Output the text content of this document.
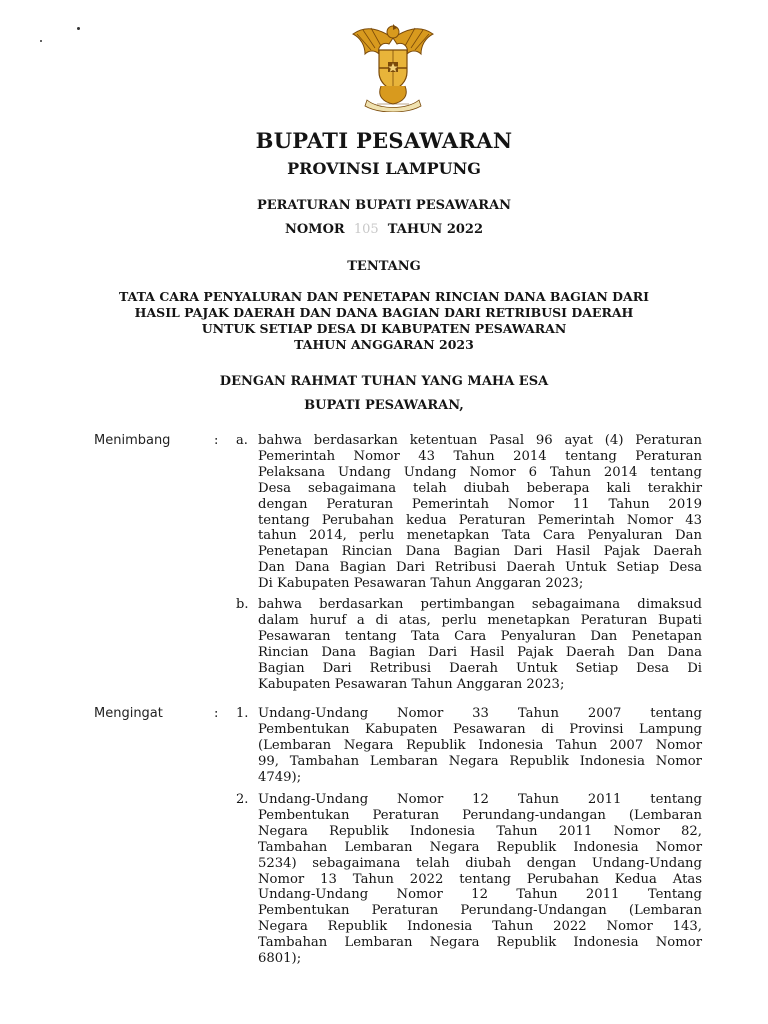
BUPATI PESAWARAN
PROVINSI LAMPUNG
PERATURAN BUPATI PESAWARAN
NOMOR 105 TAHUN 2022
TENTANG
TATA CARA PENYALURAN DAN PENETAPAN RINCIAN DANA BAGIAN DARI
HASIL PAJAK DAERAH DAN DANA BAGIAN DARI RETRIBUSI DAERAH
UNTUK SETIAP DESA DI KABUPATEN PESAWARAN
TAHUN ANGGARAN 2023
DENGAN RAHMAT TUHAN YANG MAHA ESA
BUPATI PESAWARAN,
Menimbang	: a. bahwa berdasarkan ketentuan Pasal 96 ayat (4) Peraturan
Pemerintah Nomor 43 Tahun 2014 tentang Peraturan
Pelaksana Undang Undang Nomor 6 Tahun 2014 tentang
Desa sebagaimana telah diubah beberapa kali terakhir
dengan Peraturan Pemerintah Nomor 11 Tahun 2019
tentang Perubahan kedua Peraturan Pemerintah Nomor 43
tahun 2014, perlu menetapkan Tata Cara Penyaluran Dan
Penetapan Rincian Dana Bagian Dari Hasil Pajak Daerah
Dan Dana Bagian Dari Retribusi Daerah Untuk Setiap Desa
Di Kabupaten Pesawaran Tahun Anggaran 2023;
b. bahwa berdasarkan pertimbangan sebagaimana dimaksud
dalam huruf a di atas, perlu menetapkan Peraturan Bupati
Pesawaran tentang Tata Cara Penyaluran Dan Penetapan
Rincian Dana Bagian Dari Hasil Pajak Daerah Dan Dana
Bagian Dari Retribusi Daerah Untuk Setiap Desa Di
Kabupaten Pesawaran Tahun Anggaran 2023;
Mengingat	: 1. Undang-Undang Nomor 33 Tahun 2007 tentang
Pembentukan Kabupaten Pesawaran di Provinsi Lampung
(Lembaran Negara Republik Indonesia Tahun 2007 Nomor
99, Tambahan Lembaran Negara Republik Indonesia Nomor
4749);
2. Undang-Undang Nomor 12 Tahun 2011 tentang
Pembentukan Peraturan Perundang-undangan (Lembaran
Negara Republik Indonesia Tahun 2011 Nomor 82,
Tambahan Lembaran Negara Republik Indonesia Nomor
5234) sebagaimana telah diubah dengan Undang-Undang
Nomor 13 Tahun 2022 tentang Perubahan Kedua Atas
Undang-Undang Nomor 12 Tahun 2011 Tentang
Pembentukan Peraturan Perundang-Undangan (Lembaran
Negara Republik Indonesia Tahun 2022 Nomor 143,
Tambahan Lembaran Negara Republik Indonesia Nomor
6801);
